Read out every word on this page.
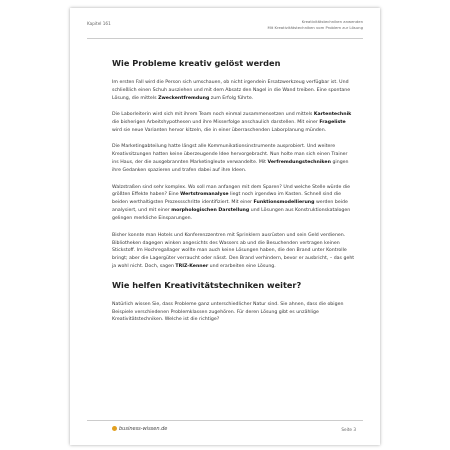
Kapitel 161	Kreativitätstechniken anwenden
Mit Kreativitätstechniken vom Problem zur Lösung
Wie Probleme kreativ gelöst werden

Im ersten Fall wird die Person sich umschauen, ob nicht irgendein Ersatzwerkzeug verfügbar ist. Und schließlich einen Schuh ausziehen und mit dem Absatz den Nagel in die Wand treiben. Eine spontane Lösung, die mittels Zweckentfremdung zum Erfolg führte.

Die Laborleiterin wird sich mit ihrem Team noch einmal zusammensetzen und mittels Kartentechnik die bisherigen Arbeitshypothesen und ihre Misserfolge anschaulich darstellen. Mit einer Frageliste wird sie neue Varianten hervor kitzeln, die in einer überraschenden Laborplanung münden.

Die Marketingabteilung hatte längst alle Kommunikationsinstrumente ausprobiert. Und weitere Kreativsitzungen hatten keine überzeugende Idee hervorgebracht. Nun holte man sich einen Trainer ins Haus, der die ausgebrannten Marketingleute verwandelte. Mit Verfremdungstechniken gingen ihre Gedanken spazieren und trafen dabei auf ihre Ideen.

Walzstraßen sind sehr komplex. Wo soll man anfangen mit dem Sparen? Und welche Stelle würde die größten Effekte haben? Eine Wertstromanalyse liegt noch irgendwo im Kasten. Schnell sind die beiden werthaltigsten Prozessschritte identifiziert. Mit einer Funktionsmodellierung werden beide analysiert, und mit einer morphologischen Darstellung und Lösungen aus Konstruktionskatalogen gelingen merkliche Einsparungen.

Bisher konnte man Hotels und Konferenzzentren mit Sprinklern ausrüsten und sein Geld verdienen. Bibliotheken dagegen winken angesichts des Wassers ab und die Besuchenden vertragen keinen Stickstoff. Im Hochregallager wollte man auch keine Lösungen haben, die den Brand unter Kontrolle bringt; aber die Lagergüter verraucht oder nässt. Den Brand verhindern, bevor er ausbricht, – das geht ja wohl nicht. Doch, sagen TRIZ-Kenner und erarbeiten eine Lösung.

Wie helfen Kreativitätstechniken weiter?

Natürlich wissen Sie, dass Probleme ganz unterschiedlicher Natur sind. Sie ahnen, dass die obigen Beispiele verschiedenen Problemklassen zugehören. Für deren Lösung gibt es unzählige Kreativitätstechniken. Welche ist die richtige?

business-wissen.de	Seite 3
